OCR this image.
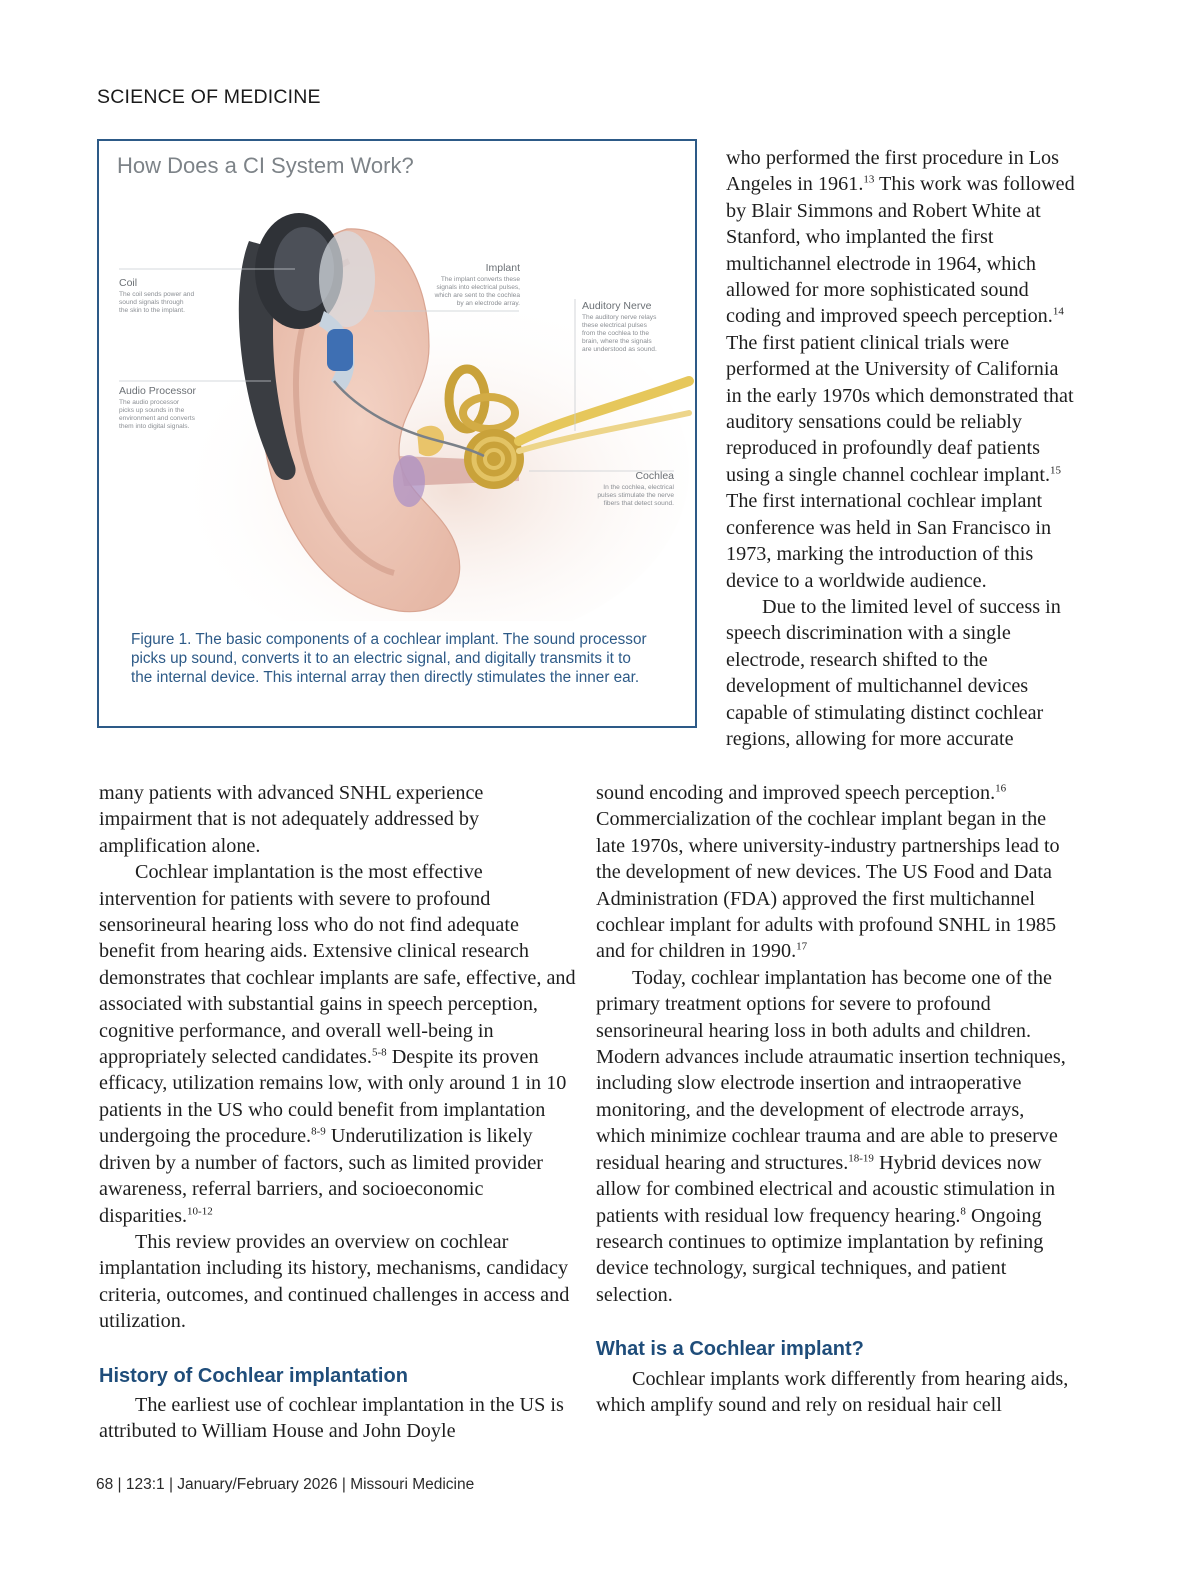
SCIENCE OF MEDICINE
Coil
The coil sends power and
sound signals through
the skin to the implant.
Audio Processor
The audio processor
picks up sounds in the
environment and converts
them into digital signals.
Implant
The implant converts these
signals into electrical pulses,
which are sent to the cochlea
by an electrode array.	Auditory Nerve
The auditory nerve relays
these electrical pulses
from the cochlea to the
brain, where the signals
are understood as sound.
Cochlea
In the cochlea, electrical
pulses stimulate the nerve
fibers that detect sound.
How Does a CI System Work?
Figure 1. The basic components of a cochlear implant. The sound processor picks up sound, converts it to an electric signal, and digitally transmits it to the internal device. This internal array then directly stimulates the inner ear.

who performed the first procedure in Los Angeles in 1961.13 This work was followed by Blair Simmons and Robert White at Stanford, who implanted the first multichannel electrode in 1964, which allowed for more sophisticated sound coding and improved speech perception.$^{14}$ The first patient clinical trials were performed at the University of California in the early 1970s which demonstrated that auditory sensations could be reliably reproduced in profoundly deaf patients using a single channel cochlear implant.$^{15}$ The first international cochlear implant conference was held in San Francisco in 1973, marking the introduction of this device to a worldwide audience.

Due to the limited level of success in speech discrimination with a single electrode, research shifted to the development of multichannel devices capable of stimulating distinct cochlear regions, allowing for more accurate

many patients with advanced SNHL experience impairment that is not adequately addressed by amplification alone.

Cochlear implantation is the most effective intervention for patients with severe to profound sensorineural hearing loss who do not find adequate benefit from hearing aids. Extensive clinical research demonstrates that cochlear implants are safe, effective, and associated with substantial gains in speech perception, cognitive performance, and overall well-being in appropriately selected candidates.$^{5-8}$ Despite its proven efficacy, utilization remains low, with only around 1 in 10 patients in the US who could benefit from implantation undergoing the procedure.$^{8-9}$ Underutilization is likely driven by a number of factors, such as limited provider awareness, referral barriers, and socioeconomic disparities.$^{10-12}$

This review provides an overview on cochlear implantation including its history, mechanisms, candidacy criteria, outcomes, and continued challenges in access and utilization.

History of Cochlear implantation

The earliest use of cochlear implantation in the US is attributed to William House and John Doyle

sound encoding and improved speech perception.$^{16}$ Commercialization of the cochlear implant began in the late 1970s, where university-industry partnerships lead to the development of new devices. The US Food and Data Administration (FDA) approved the first multichannel cochlear implant for adults with profound SNHL in 1985 and for children in 1990.17

Today, cochlear implantation has become one of the primary treatment options for severe to profound sensorineural hearing loss in both adults and children. Modern advances include atraumatic insertion techniques, including slow electrode insertion and intraoperative monitoring, and the development of electrode arrays, which minimize cochlear trauma and are able to preserve residual hearing and structures.$^{18-19}$ Hybrid devices now allow for combined electrical and acoustic stimulation in patients with residual low frequency hearing.$^8$ Ongoing research continues to optimize implantation by refining device technology, surgical techniques, and patient selection.

What is a Cochlear implant?

Cochlear implants work differently from hearing aids, which amplify sound and rely on residual hair cell

68 | 123:1 | January/February 2026 | Missouri Medicine
